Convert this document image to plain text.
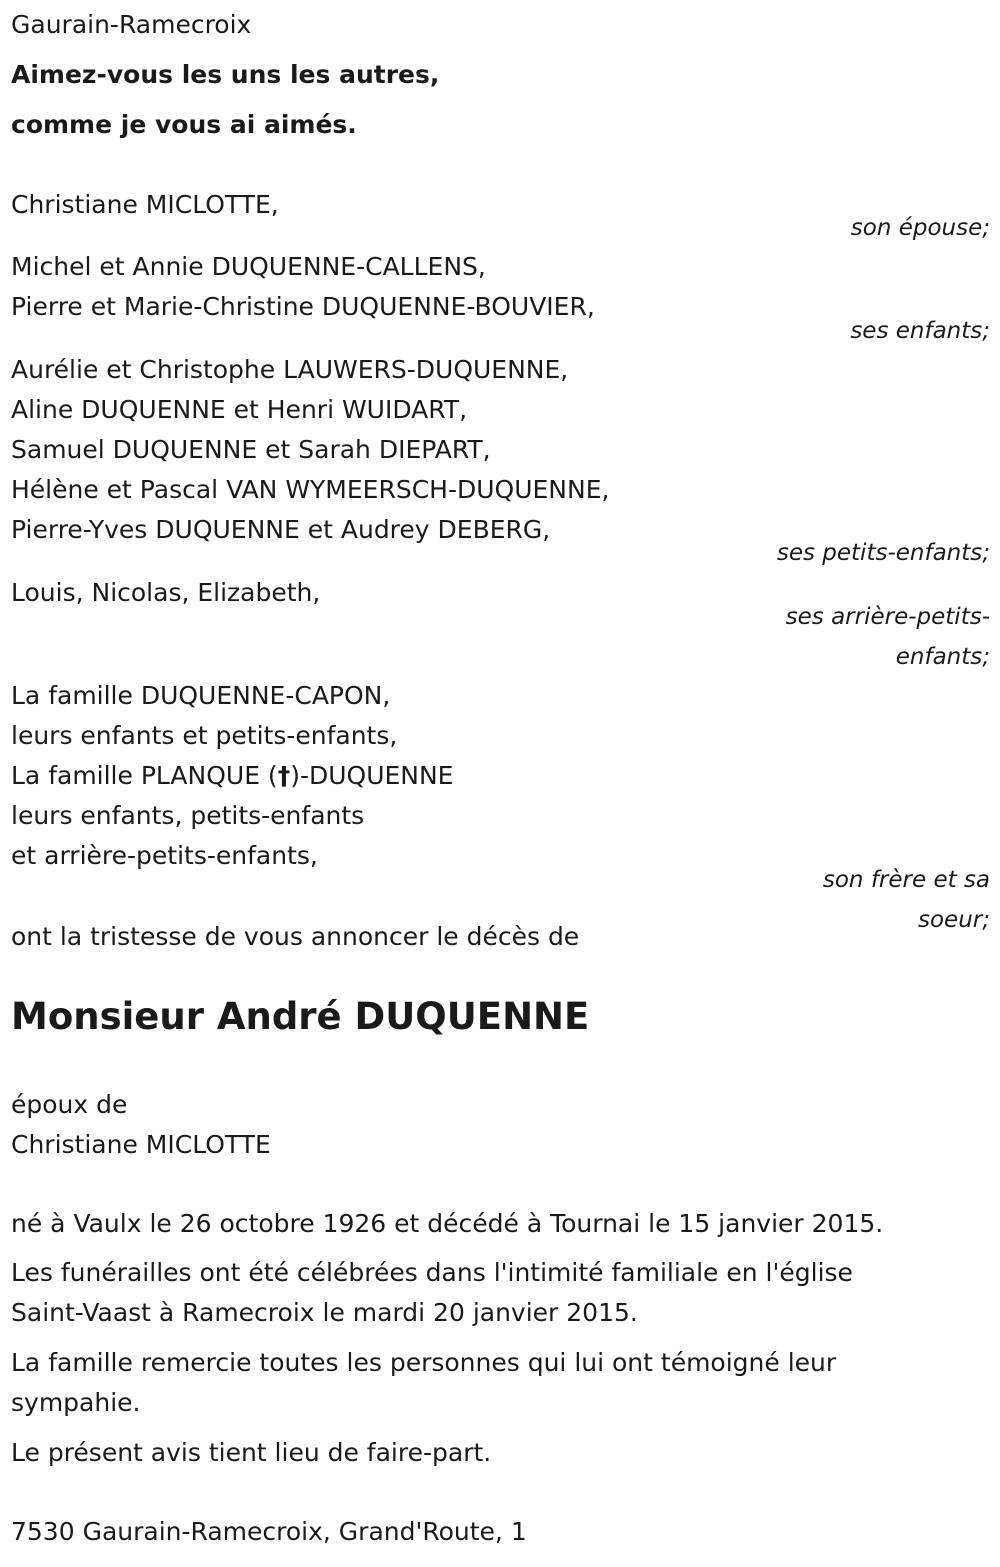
Gaurain-Ramecroix
Aimez-vous les uns les autres,
comme je vous ai aimés.
Christiane MICLOTTE,
son épouse;
Michel et Annie DUQUENNE-CALLENS,
Pierre et Marie-Christine DUQUENNE-BOUVIER,
ses enfants;
Aurélie et Christophe LAUWERS-DUQUENNE,
Aline DUQUENNE et Henri WUIDART,
Samuel DUQUENNE et Sarah DIEPART,
Hélène et Pascal VAN WYMEERSCH-DUQUENNE,
Pierre-Yves DUQUENNE et Audrey DEBERG,
ses petits-enfants;
Louis, Nicolas, Elizabeth,
ses arrière-petits-
enfants;
La famille DUQUENNE-CAPON,
leurs enfants et petits-enfants,
La famille PLANQUE (†)-DUQUENNE
leurs enfants, petits-enfants
et arrière-petits-enfants,
son frère et sa
soeur;
ont la tristesse de vous annoncer le décès de
Monsieur André DUQUENNE
époux de
Christiane MICLOTTE
né à Vaulx le 26 octobre 1926 et décédé à Tournai le 15 janvier 2015.
Les funérailles ont été célébrées dans l'intimité familiale en l'église
Saint-Vaast à Ramecroix le mardi 20 janvier 2015.
La famille remercie toutes les personnes qui lui ont témoigné leur
sympahie.
Le présent avis tient lieu de faire-part.
7530 Gaurain-Ramecroix, Grand'Route, 1
